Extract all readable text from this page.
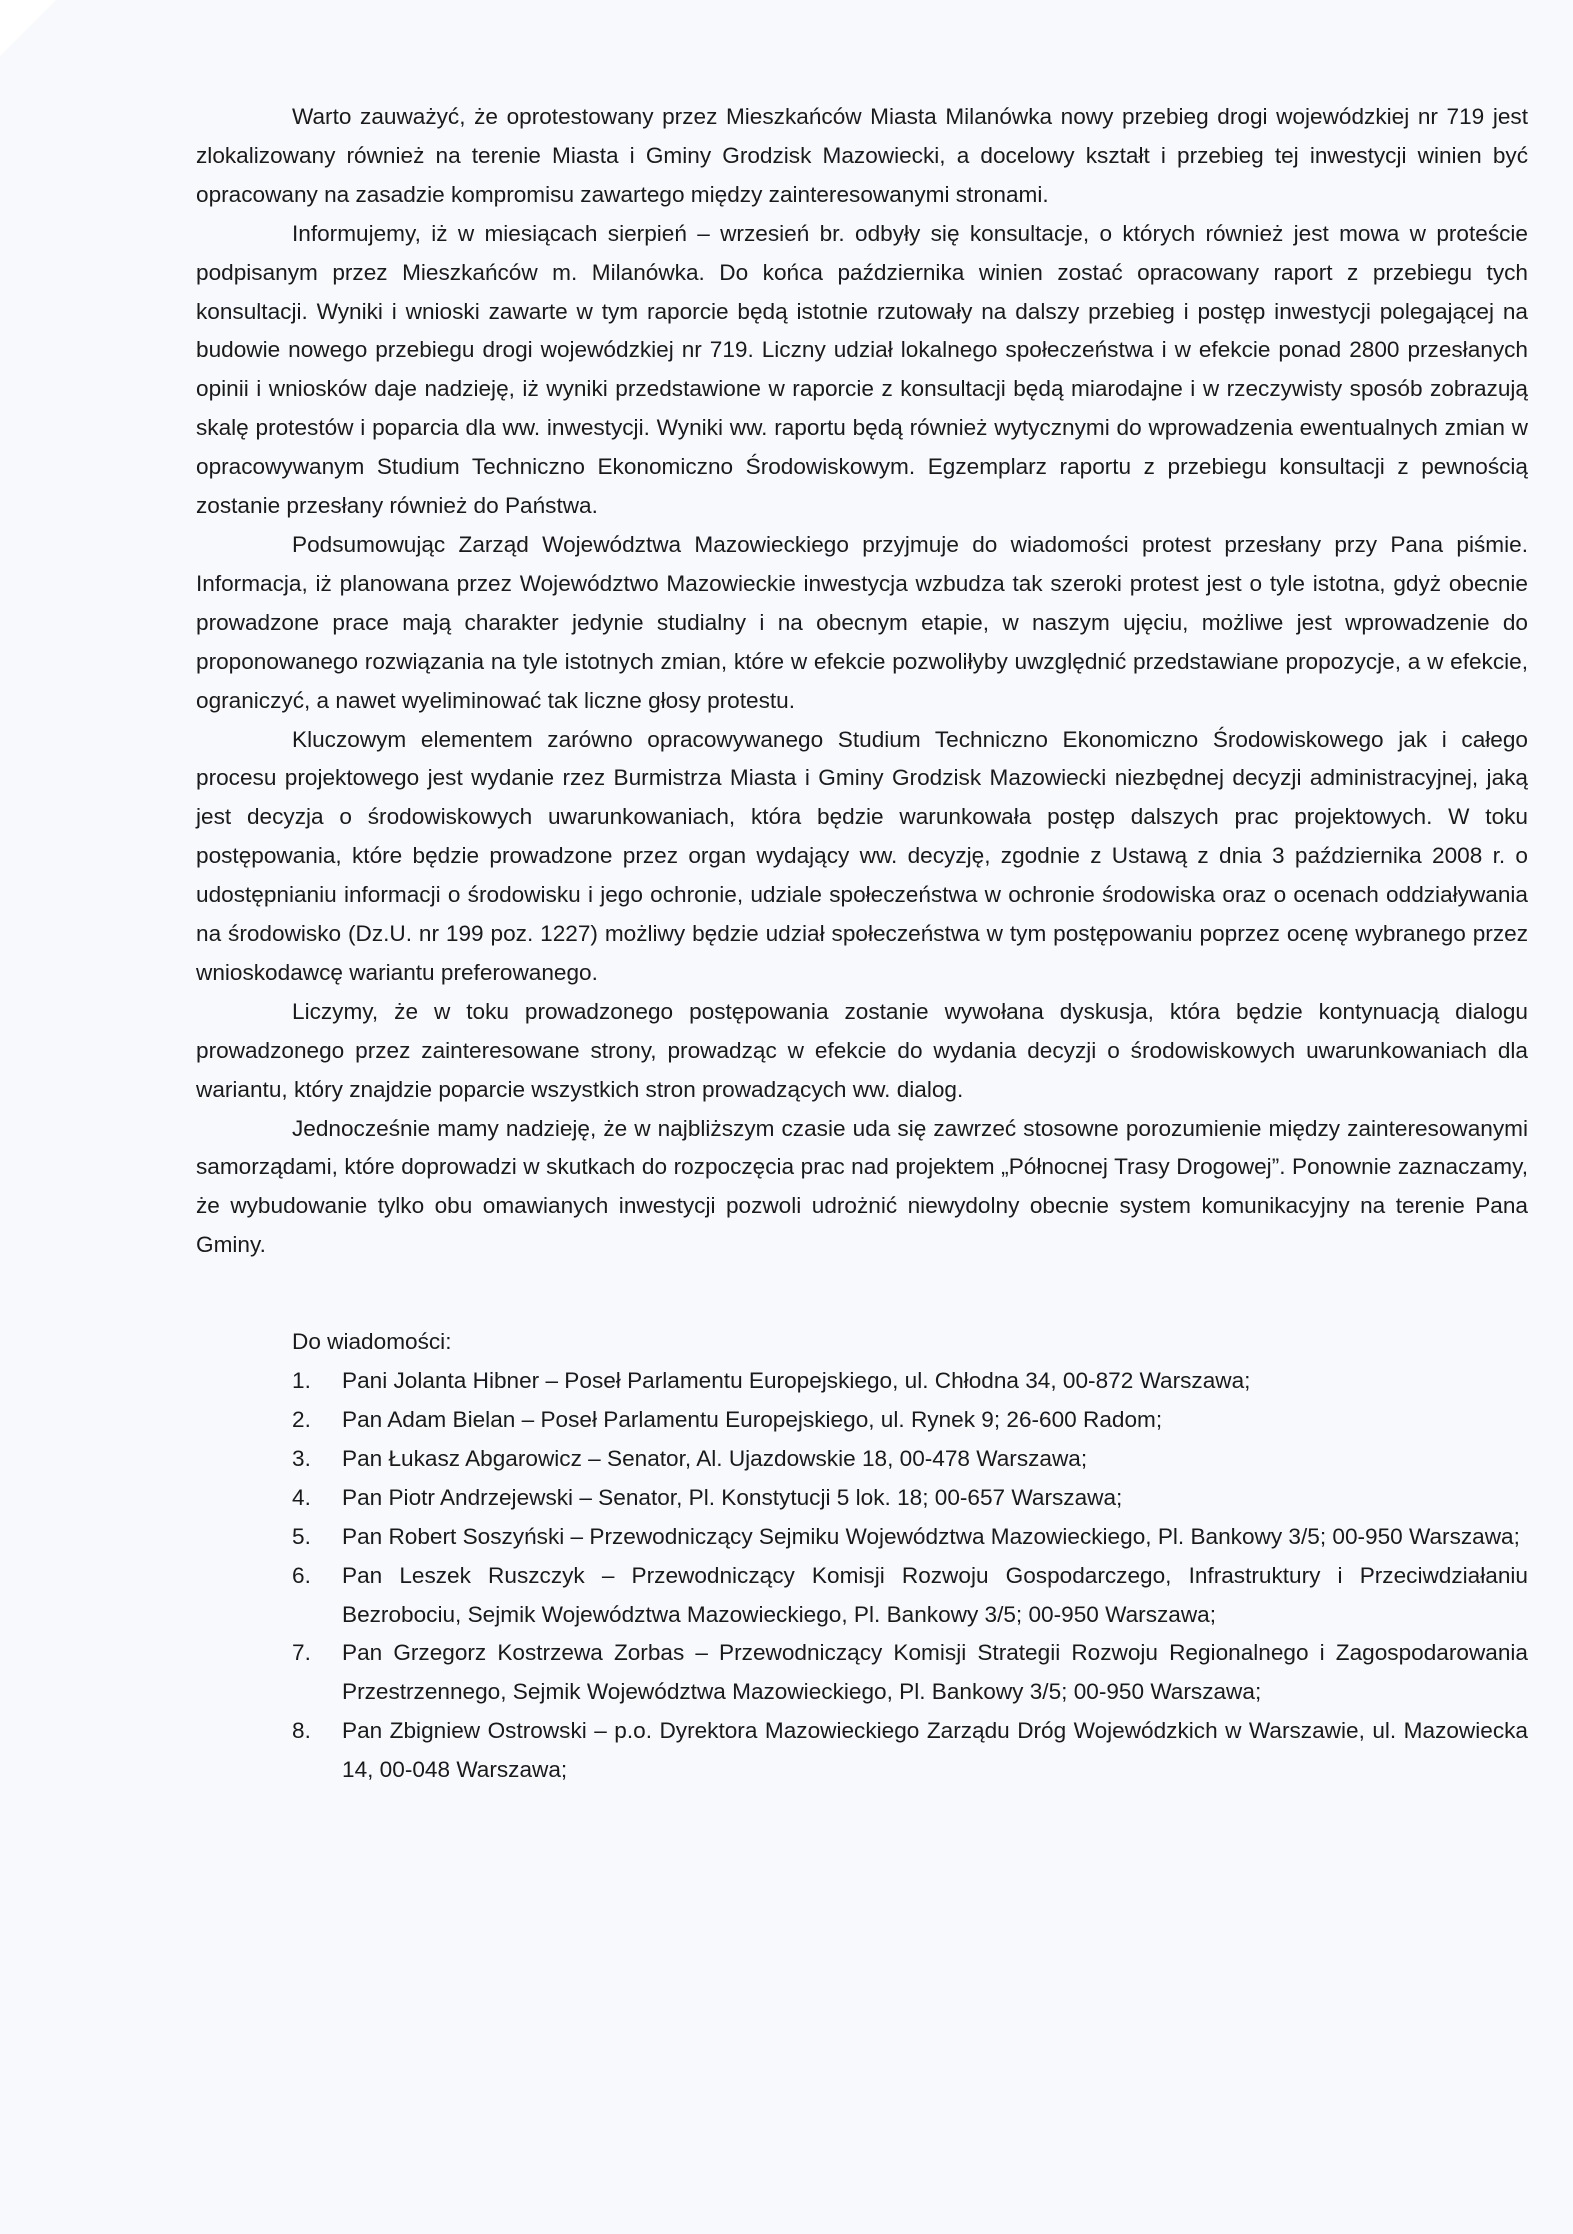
Warto zauważyć, że oprotestowany przez Mieszkańców Miasta Milanówka nowy przebieg drogi wojewódzkiej nr 719 jest zlokalizowany również na terenie Miasta i Gminy Grodzisk Mazowiecki, a docelowy kształt i przebieg tej inwestycji winien być opracowany na zasadzie kompromisu zawartego między zainteresowanymi stronami.

Informujemy, iż w miesiącach sierpień – wrzesień br. odbyły się konsultacje, o których również jest mowa w proteście podpisanym przez Mieszkańców m. Milanówka. Do końca października winien zostać opracowany raport z przebiegu tych konsultacji. Wyniki i wnioski zawarte w tym raporcie będą istotnie rzutowały na dalszy przebieg i postęp inwestycji polegającej na budowie nowego przebiegu drogi wojewódzkiej nr 719. Liczny udział lokalnego społeczeństwa i w efekcie ponad 2800 przesłanych opinii i wniosków daje nadzieję, iż wyniki przedstawione w raporcie z konsultacji będą miarodajne i w rzeczywisty sposób zobrazują skalę protestów i poparcia dla ww. inwestycji. Wyniki ww. raportu będą również wytycznymi do wprowadzenia ewentualnych zmian w opracowywanym Studium Techniczno Ekonomiczno Środowiskowym. Egzemplarz raportu z przebiegu konsultacji z pewnością zostanie przesłany również do Państwa.

Podsumowując Zarząd Województwa Mazowieckiego przyjmuje do wiadomości protest przesłany przy Pana piśmie. Informacja, iż planowana przez Województwo Mazowieckie inwestycja wzbudza tak szeroki protest jest o tyle istotna, gdyż obecnie prowadzone prace mają charakter jedynie studialny i na obecnym etapie, w naszym ujęciu, możliwe jest wprowadzenie do proponowanego rozwiązania na tyle istotnych zmian, które w efekcie pozwoliłyby uwzględnić przedstawiane propozycje, a w efekcie, ograniczyć, a nawet wyeliminować tak liczne głosy protestu.

Kluczowym elementem zarówno opracowywanego Studium Techniczno Ekonomiczno Środowiskowego jak i całego procesu projektowego jest wydanie rzez Burmistrza Miasta i Gminy Grodzisk Mazowiecki niezbędnej decyzji administracyjnej, jaką jest decyzja o środowiskowych uwarunkowaniach, która będzie warunkowała postęp dalszych prac projektowych. W toku postępowania, które będzie prowadzone przez organ wydający ww. decyzję, zgodnie z Ustawą z dnia 3 października 2008 r. o udostępnianiu informacji o środowisku i jego ochronie, udziale społeczeństwa w ochronie środowiska oraz o ocenach oddziaływania na środowisko (Dz.U. nr 199 poz. 1227) możliwy będzie udział społeczeństwa w tym postępowaniu poprzez ocenę wybranego przez wnioskodawcę wariantu preferowanego.

Liczymy, że w toku prowadzonego postępowania zostanie wywołana dyskusja, która będzie kontynuacją dialogu prowadzonego przez zainteresowane strony, prowadząc w efekcie do wydania decyzji o środowiskowych uwarunkowaniach dla wariantu, który znajdzie poparcie wszystkich stron prowadzących ww. dialog.

Jednocześnie mamy nadzieję, że w najbliższym czasie uda się zawrzeć stosowne porozumienie między zainteresowanymi samorządami, które doprowadzi w skutkach do rozpoczęcia prac nad projektem „Północnej Trasy Drogowej”. Ponownie zaznaczamy, że wybudowanie tylko obu omawianych inwestycji pozwoli udrożnić niewydolny obecnie system komunikacyjny na terenie Pana Gminy.

Do wiadomości:

1.	Pani Jolanta Hibner – Poseł Parlamentu Europejskiego, ul. Chłodna 34, 00-872 Warszawa;
2.	Pan Adam Bielan – Poseł Parlamentu Europejskiego, ul. Rynek 9; 26-600 Radom;
3.	Pan Łukasz Abgarowicz – Senator, Al. Ujazdowskie 18, 00-478 Warszawa;
4.	Pan Piotr Andrzejewski – Senator, Pl. Konstytucji 5 lok. 18; 00-657 Warszawa;
5.	Pan Robert Soszyński – Przewodniczący Sejmiku Województwa Mazowieckiego, Pl. Bankowy 3/5; 00-950 Warszawa;
6.	Pan Leszek Ruszczyk – Przewodniczący Komisji Rozwoju Gospodarczego, Infrastruktury i Przeciwdziałaniu Bezrobociu, Sejmik Województwa Mazowieckiego, Pl. Bankowy 3/5; 00-950 Warszawa;
7.	Pan Grzegorz Kostrzewa Zorbas – Przewodniczący Komisji Strategii Rozwoju Regionalnego i Zagospodarowania Przestrzennego, Sejmik Województwa Mazowieckiego, Pl. Bankowy 3/5; 00-950 Warszawa;
8.	Pan Zbigniew Ostrowski – p.o. Dyrektora Mazowieckiego Zarządu Dróg Wojewódzkich w Warszawie, ul. Mazowiecka 14, 00-048 Warszawa;
